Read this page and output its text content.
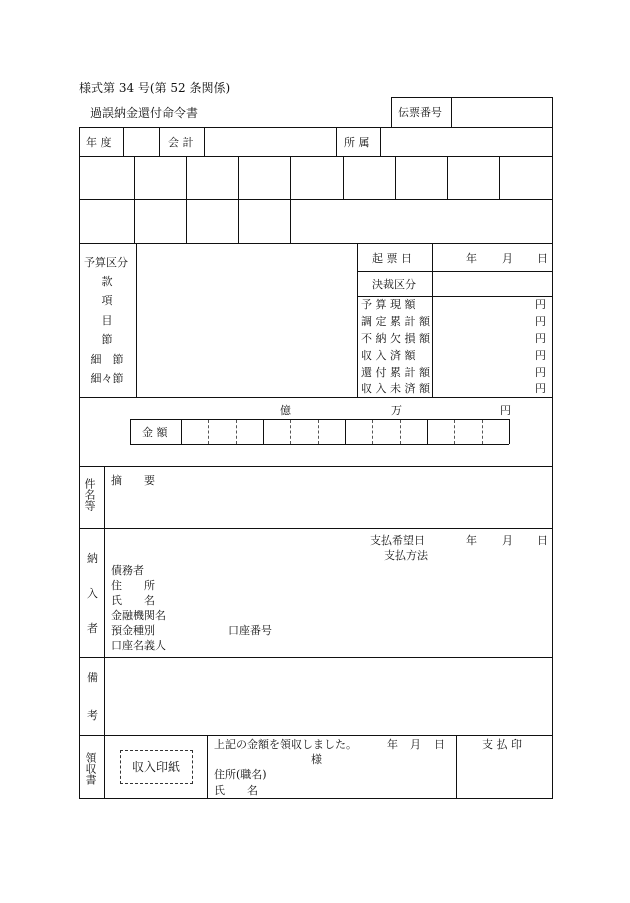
様式第 34 号(第 52 条関係)
過誤納金還付命令書	伝票番号
年 度	会 計	所 属
予算区分
款
項
目
節
細　節
細々節
起 票 日	年 月 日
決裁区分
予 算 現 額	円
調 定 累 計 額	円
不 納 欠 損 額	円
収 入 済 額	円
還 付 累 計 額	円
収 入 未 済 額	円
億	万	円
金 額
件名等 摘　　要
納
入
者
支払希望日	年 月 日
支払方法
債務者
住　　所
氏　　名
金融機関名
預金種別	口座番号
口座名義人
備
考
領収書	収入印紙
上記の金額を領収しました。	年 月 日
様
住所(職名)
氏　　名
支 払 印
